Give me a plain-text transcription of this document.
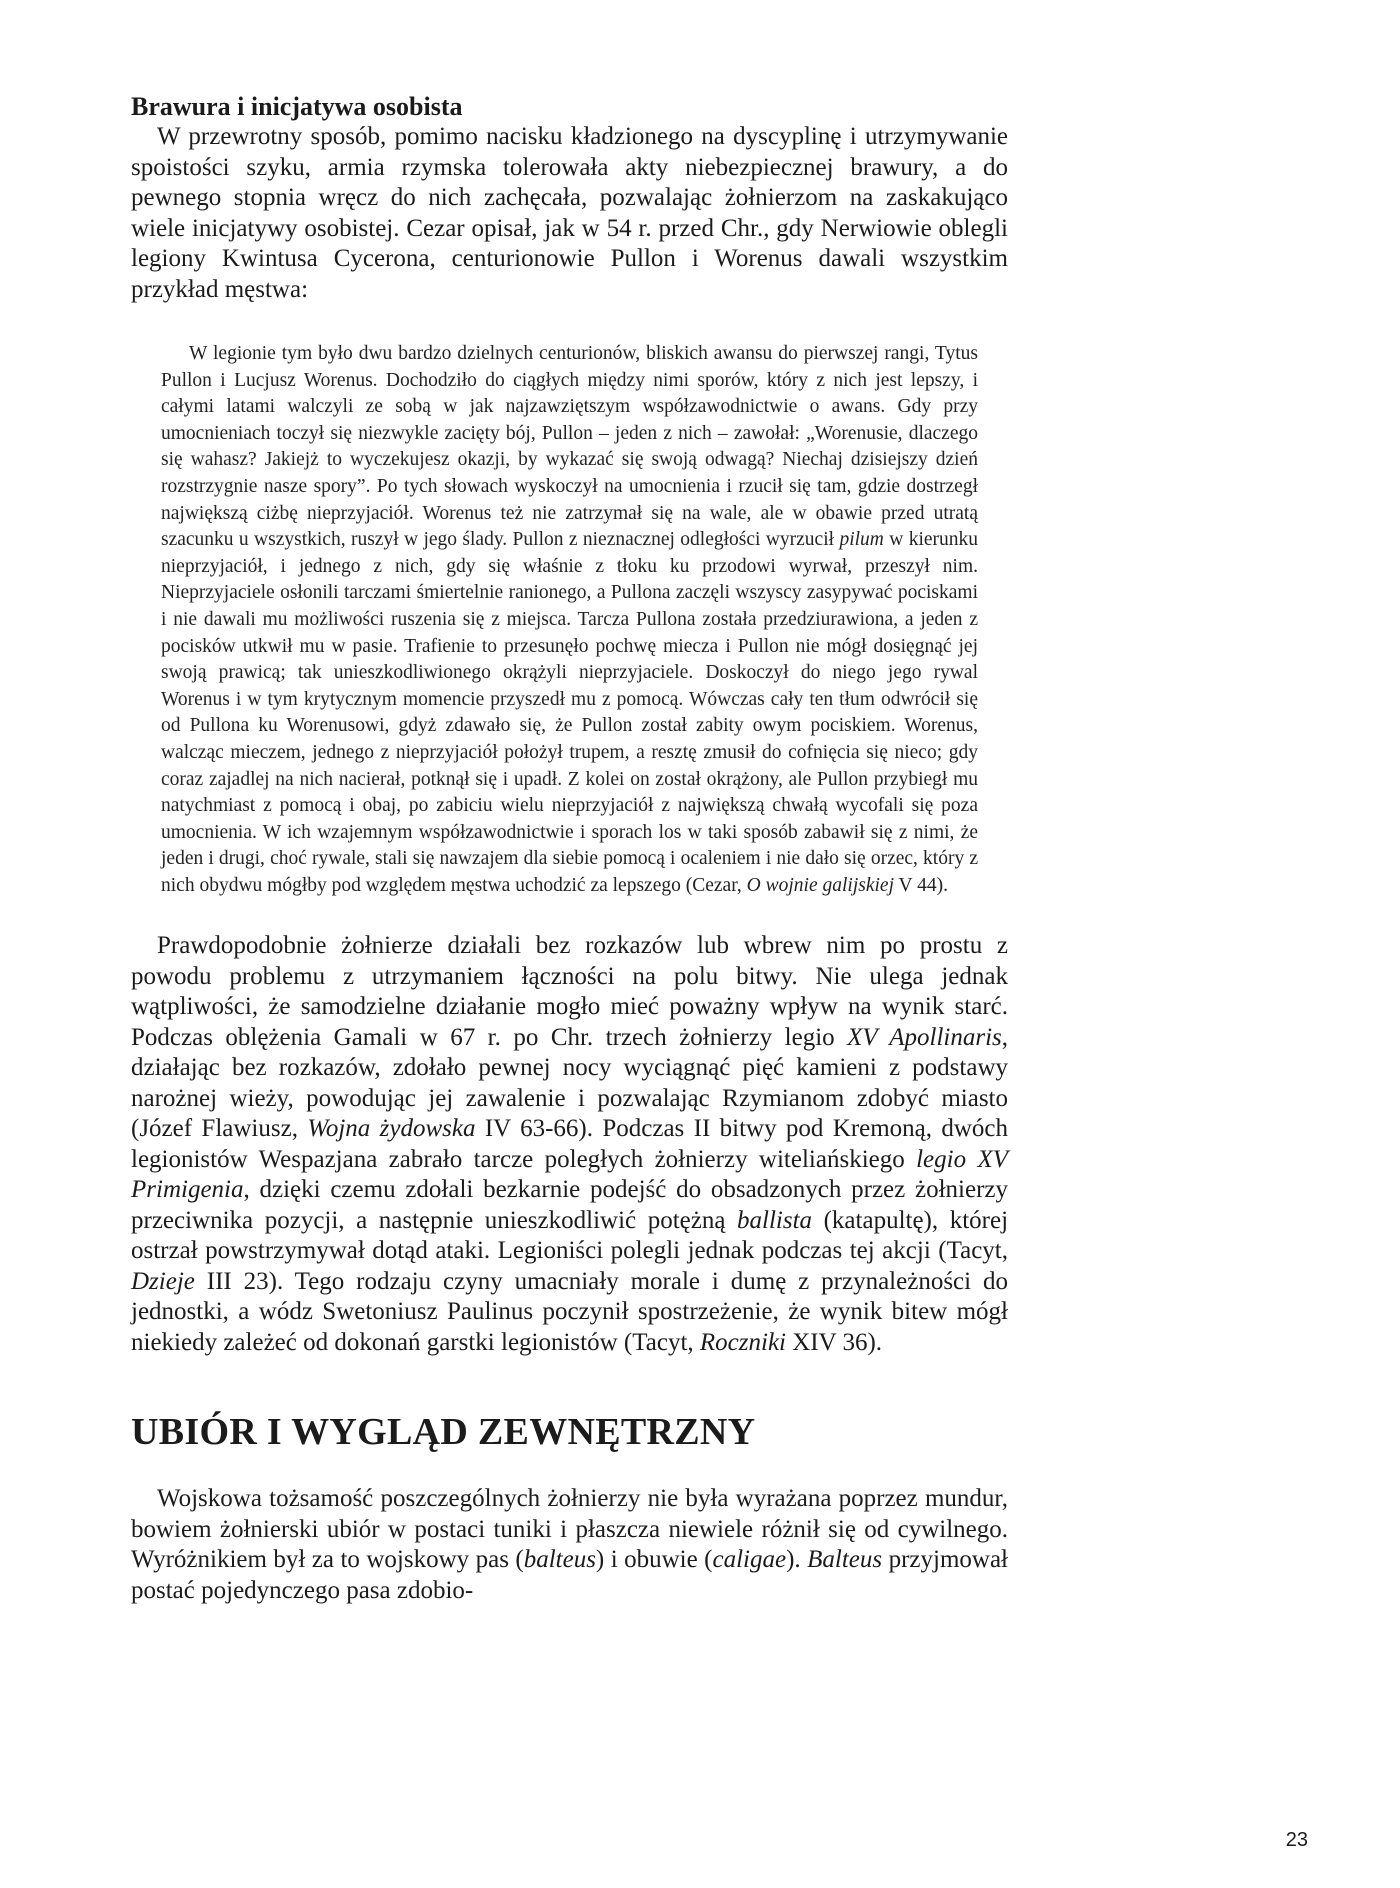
Brawura i inicjatywa osobista

W przewrotny sposób, pomimo nacisku kładzionego na dyscyplinę i utrzymywanie spoistości szyku, armia rzymska tolerowała akty niebezpiecznej brawury, a do pewnego stopnia wręcz do nich zachęcała, pozwalając żołnierzom na zaskakująco wiele inicjatywy osobistej. Cezar opisał, jak w 54 r. przed Chr., gdy Nerwiowie oblegli legiony Kwintusa Cycerona, centurionowie Pullon i Worenus dawali wszystkim przykład męstwa:

W legionie tym było dwu bardzo dzielnych centurionów, bliskich awansu do pierwszej rangi, Tytus Pullon i Lucjusz Worenus. Dochodziło do ciągłych między nimi sporów, który z nich jest lepszy, i całymi latami walczyli ze sobą w jak najzawziętszym współzawodnictwie o awans. Gdy przy umocnieniach toczył się niezwykle zacięty bój, Pullon – jeden z nich – zawołał: „Worenusie, dlaczego się wahasz? Jakiejż to wyczekujesz okazji, by wykazać się swoją odwagą? Niechaj dzisiejszy dzień rozstrzygnie nasze spory”. Po tych słowach wyskoczył na umocnienia i rzucił się tam, gdzie dostrzegł największą ciżbę nieprzyjaciół. Worenus też nie zatrzymał się na wale, ale w obawie przed utratą szacunku u wszystkich, ruszył w jego ślady. Pullon z nieznacznej odległości wyrzucił pilum w kierunku nieprzyjaciół, i jednego z nich, gdy się właśnie z tłoku ku przodowi wyrwał, przeszył nim. Nieprzyjaciele osłonili tarczami śmiertelnie ranionego, a Pullona zaczęli wszyscy zasypywać pociskami i nie dawali mu możliwości ruszenia się z miejsca. Tarcza Pullona została przedziurawiona, a jeden z pocisków utkwił mu w pasie. Trafienie to przesunęło pochwę miecza i Pullon nie mógł dosięgnąć jej swoją prawicą; tak unieszkodliwionego okrążyli nieprzyjaciele. Doskoczył do niego jego rywal Worenus i w tym krytycznym momencie przyszedł mu z pomocą. Wówczas cały ten tłum odwrócił się od Pullona ku Worenusowi, gdyż zdawało się, że Pullon został zabity owym pociskiem. Worenus, walcząc mieczem, jednego z nieprzyjaciół położył trupem, a resztę zmusił do cofnięcia się nieco; gdy coraz zajadlej na nich nacierał, potknął się i upadł. Z kolei on został okrążony, ale Pullon przybiegł mu natychmiast z pomocą i obaj, po zabiciu wielu nieprzyjaciół z największą chwałą wycofali się poza umocnienia. W ich wzajemnym współzawodnictwie i sporach los w taki sposób zabawił się z nimi, że jeden i drugi, choć rywale, stali się nawzajem dla siebie pomocą i ocaleniem i nie dało się orzec, który z nich obydwu mógłby pod względem męstwa uchodzić za lepszego (Cezar, O wojnie galijskiej V 44).

Prawdopodobnie żołnierze działali bez rozkazów lub wbrew nim po prostu z powodu problemu z utrzymaniem łączności na polu bitwy. Nie ulega jednak wątpliwości, że samodzielne działanie mogło mieć poważny wpływ na wynik starć. Podczas oblężenia Gamali w 67 r. po Chr. trzech żołnierzy legio XV Apollinaris, działając bez rozkazów, zdołało pewnej nocy wyciągnąć pięć kamieni z podstawy narożnej wieży, powodując jej zawalenie i pozwalając Rzymianom zdobyć miasto (Józef Flawiusz, Wojna żydowska IV 63-66). Podczas II bitwy pod Kremoną, dwóch legionistów Wespazjana zabrało tarcze poległych żołnierzy witeliańskiego legio XV Primigenia, dzięki czemu zdołali bezkarnie podejść do obsadzonych przez żołnierzy przeciwnika pozycji, a następnie unieszkodliwić potężną ballista (katapultę), której ostrzał powstrzymywał dotąd ataki. Legioniści polegli jednak podczas tej akcji (Tacyt, Dzieje III 23). Tego rodzaju czyny umacniały morale i dumę z przynależności do jednostki, a wódz Swetoniusz Paulinus poczynił spostrzeżenie, że wynik bitew mógł niekiedy zależeć od dokonań garstki legionistów (Tacyt, Roczniki XIV 36).

UBIÓR I WYGLĄD ZEWNĘTRZNY

Wojskowa tożsamość poszczególnych żołnierzy nie była wyrażana poprzez mundur, bowiem żołnierski ubiór w postaci tuniki i płaszcza niewiele różnił się od cywilnego. Wyróżnikiem był za to wojskowy pas (balteus) i obuwie (caligae). Balteus przyjmował postać pojedynczego pasa zdobio-

23
